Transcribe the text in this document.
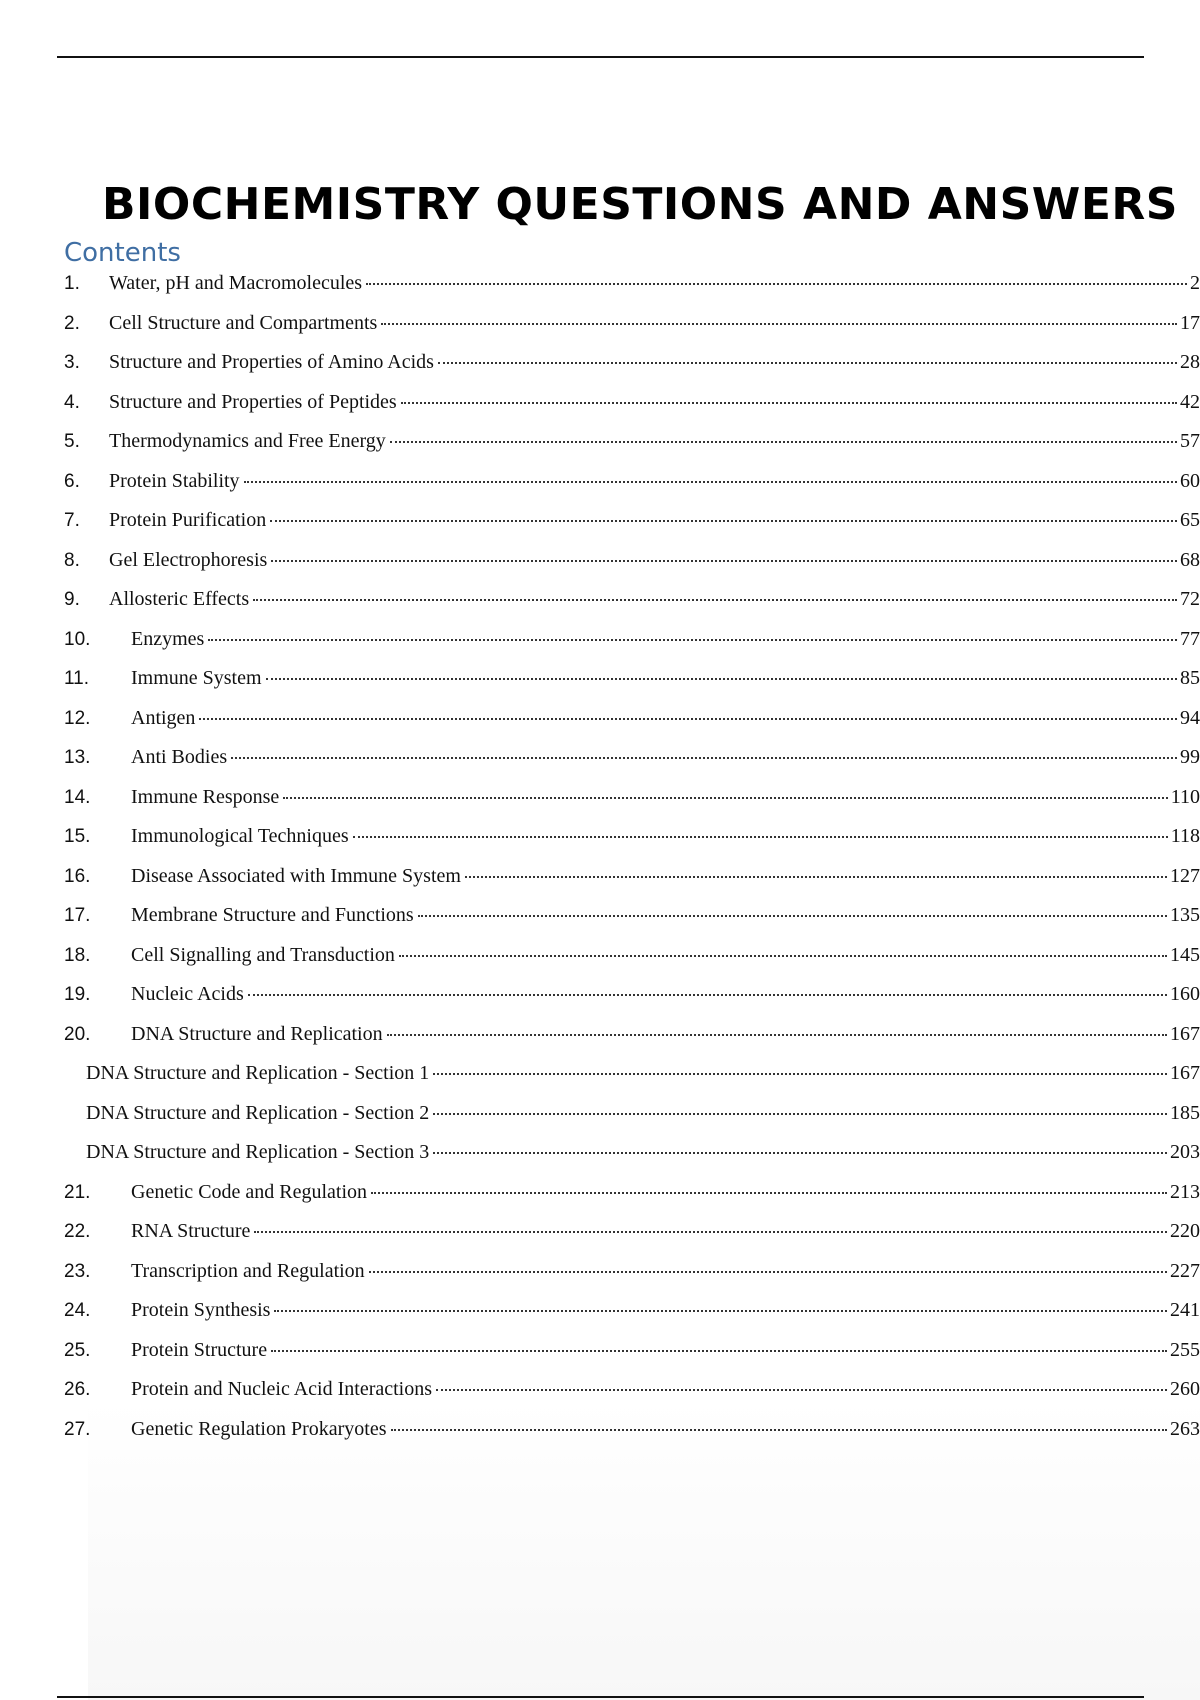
BIOCHEMISTRY QUESTIONS AND ANSWERS
Contents
1.	Water, pH and Macromolecules	2
2.	Cell Structure and Compartments	17
3.	Structure and Properties of Amino Acids	28
4.	Structure and Properties of Peptides	42
5.	Thermodynamics and Free Energy	57
6.	Protein Stability	60
7.	Protein Purification	65
8.	Gel Electrophoresis	68
9.	Allosteric Effects	72
10.	Enzymes	77
11.	Immune System	85
12.	Antigen	94
13.	Anti Bodies	99
14.	Immune Response	110
15.	Immunological Techniques	118
16.	Disease Associated with Immune System	127
17.	Membrane Structure and Functions	135
18.	Cell Signalling and Transduction	145
19.	Nucleic Acids	160
20.	DNA Structure and Replication	167
DNA Structure and Replication - Section 1	167
DNA Structure and Replication - Section 2	185
DNA Structure and Replication - Section 3	203
21.	Genetic Code and Regulation	213
22.	RNA Structure	220
23.	Transcription and Regulation	227
24.	Protein Synthesis	241
25.	Protein Structure	255
26.	Protein and Nucleic Acid Interactions	260
27.	Genetic Regulation Prokaryotes	263
